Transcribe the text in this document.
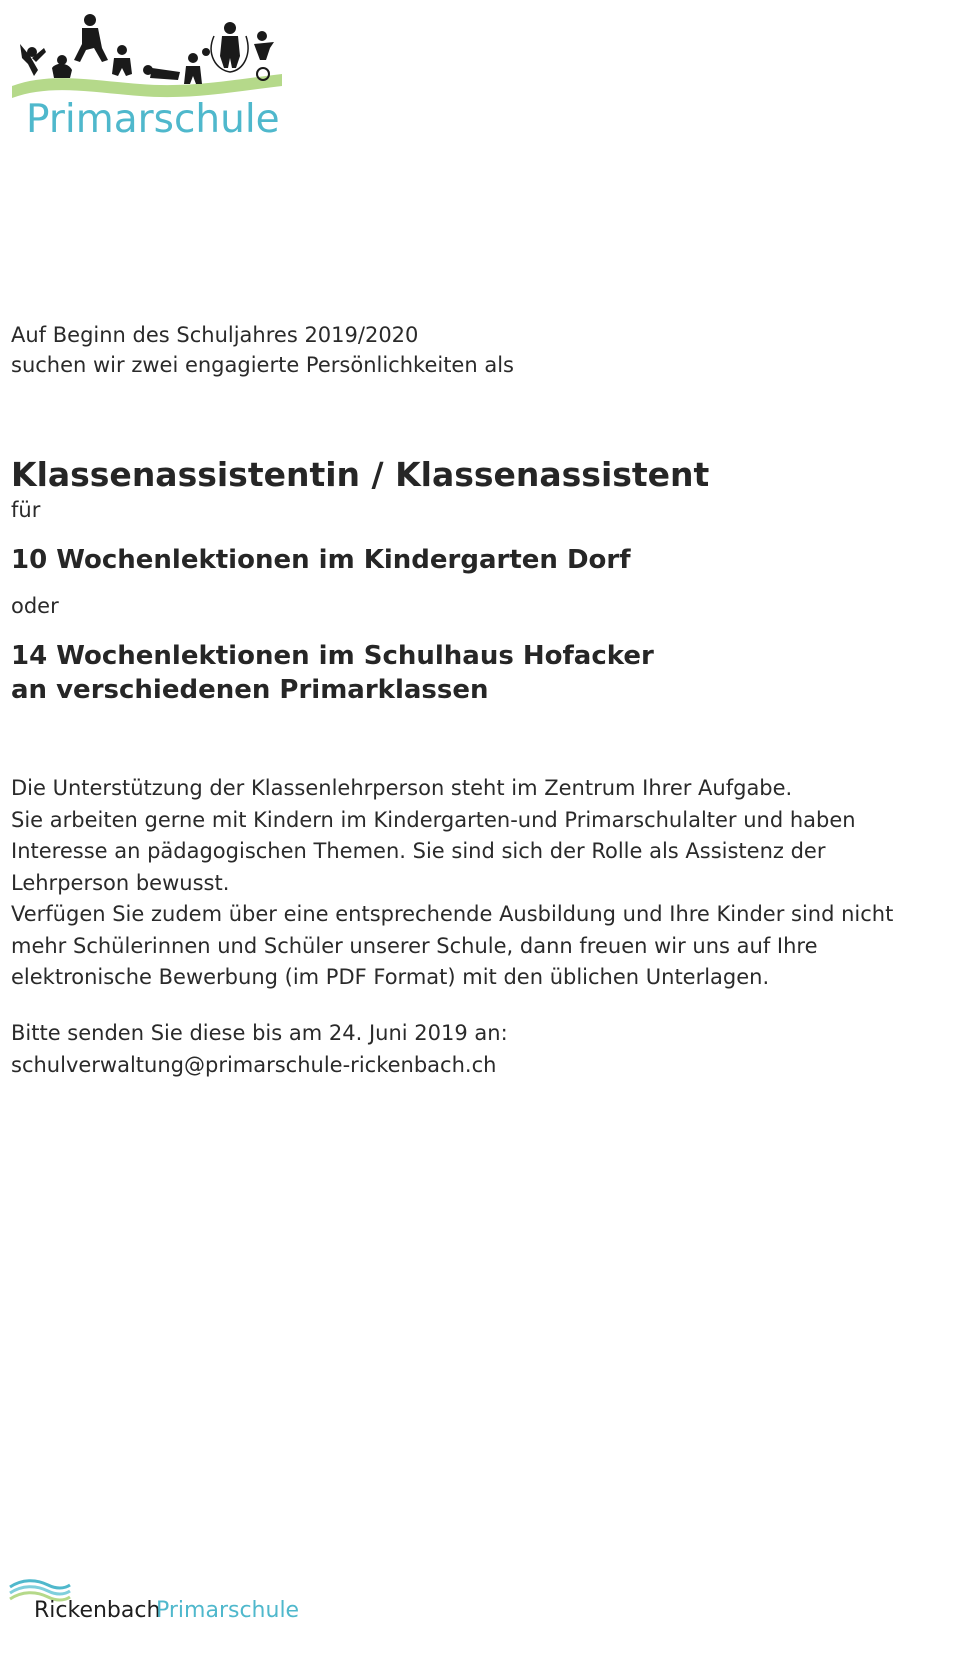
Primarschule
Auf Beginn des Schuljahres 2019/2020
suchen wir zwei engagierte Persönlichkeiten als
Klassenassistentin / Klassenassistent
für
10 Wochenlektionen im Kindergarten Dorf
oder
14 Wochenlektionen im Schulhaus Hofacker
an verschiedenen Primarklassen
Die Unterstützung der Klassenlehrperson steht im Zentrum Ihrer Aufgabe.
Sie arbeiten gerne mit Kindern im Kindergarten-und Primarschulalter und haben
Interesse an pädagogischen Themen. Sie sind sich der Rolle als Assistenz der
Lehrperson bewusst.
Verfügen Sie zudem über eine entsprechende Ausbildung und Ihre Kinder sind nicht
mehr Schülerinnen und Schüler unserer Schule, dann freuen wir uns auf Ihre
elektronische Bewerbung (im PDF Format) mit den üblichen Unterlagen.
Bitte senden Sie diese bis am 24. Juni 2019 an:
schulverwaltung@primarschule-rickenbach.ch
Rickenbach
Primarschule
